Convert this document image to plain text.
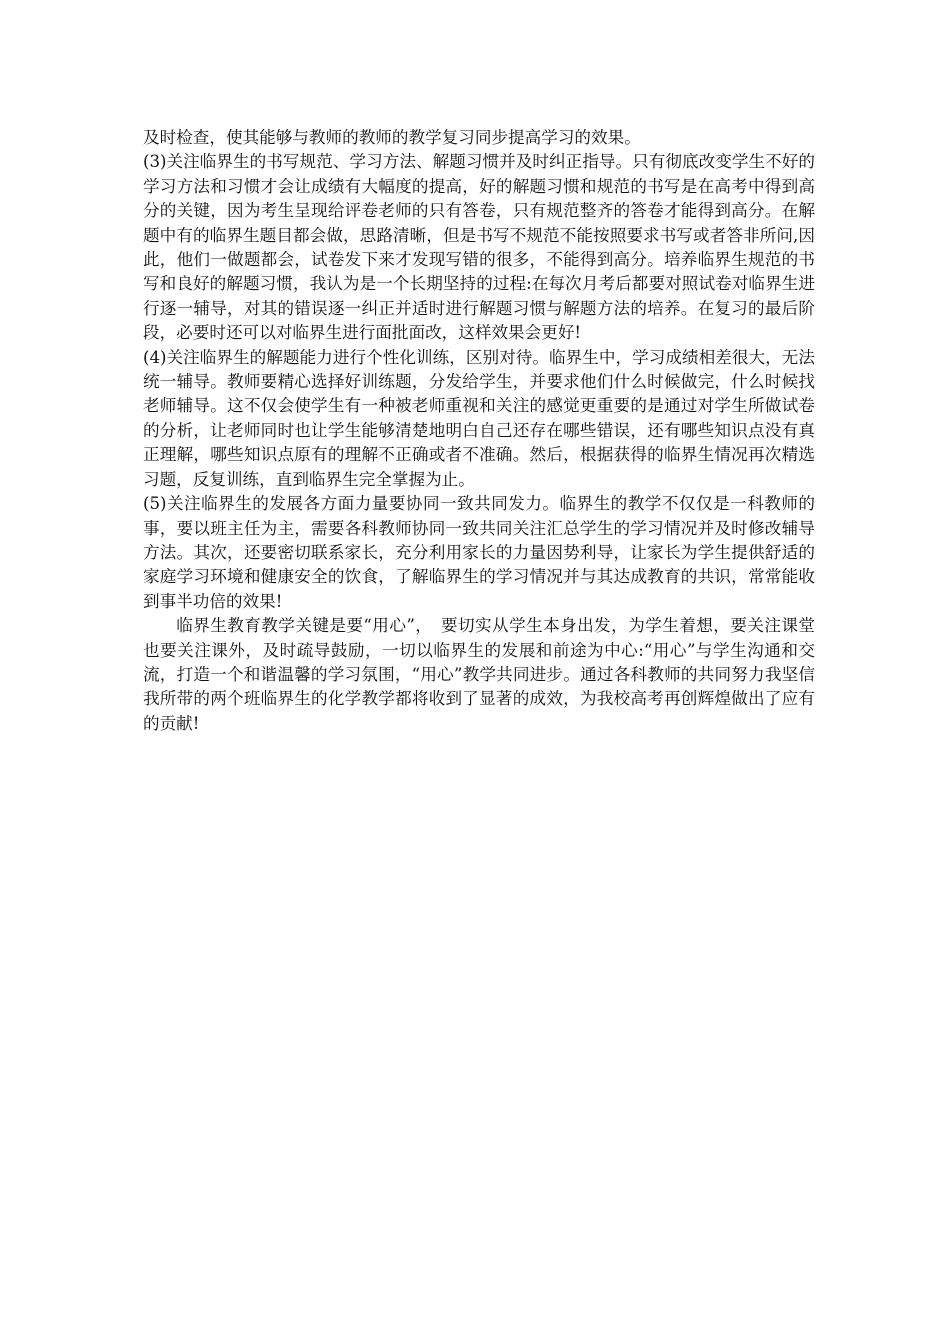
及时检查，使其能够与教师的教师的教学复习同步提高学习的效果。

(3)关注临界生的书写规范、学习方法、解题习惯并及时纠正指导。只有彻底改变学生不好的学习方法和习惯才会让成绩有大幅度的提高，好的解题习惯和规范的书写是在高考中得到高分的关键，因为考生呈现给评卷老师的只有答卷，只有规范整齐的答卷才能得到高分。在解题中有的临界生题目都会做，思路清晰，但是书写不规范不能按照要求书写或者答非所问,因此，他们一做题都会，试卷发下来才发现写错的很多，不能得到高分。培养临界生规范的书写和良好的解题习惯，我认为是一个长期坚持的过程:在每次月考后都要对照试卷对临界生进行逐一辅导，对其的错误逐一纠正并适时进行解题习惯与解题方法的培养。在复习的最后阶段，必要时还可以对临界生进行面批面改，这样效果会更好!

(4)关注临界生的解题能力进行个性化训练，区别对待。临界生中，学习成绩相差很大，无法统一辅导。教师要精心选择好训练题，分发给学生，并要求他们什么时候做完，什么时候找老师辅导。这不仅会使学生有一种被老师重视和关注的感觉更重要的是通过对学生所做试卷的分析，让老师同时也让学生能够清楚地明白自己还存在哪些错误，还有哪些知识点没有真正理解，哪些知识点原有的理解不正确或者不准确。然后，根据获得的临界生情况再次精选习题，反复训练，直到临界生完全掌握为止。

(5)关注临界生的发展各方面力量要协同一致共同发力。临界生的教学不仅仅是一科教师的事，要以班主任为主，需要各科教师协同一致共同关注汇总学生的学习情况并及时修改辅导方法。其次，还要密切联系家长，充分利用家长的力量因势利导，让家长为学生提供舒适的家庭学习环境和健康安全的饮食，了解临界生的学习情况并与其达成教育的共识，常常能收到事半功倍的效果!

临界生教育教学关键是要“用心”，　要切实从学生本身出发，为学生着想，要关注课堂也要关注课外，及时疏导鼓励，一切以临界生的发展和前途为中心:“用心”与学生沟通和交流，打造一个和谐温馨的学习氛围，“用心”教学共同进步。通过各科教师的共同努力我坚信我所带的两个班临界生的化学教学都将收到了显著的成效，为我校高考再创辉煌做出了应有的贡献!
